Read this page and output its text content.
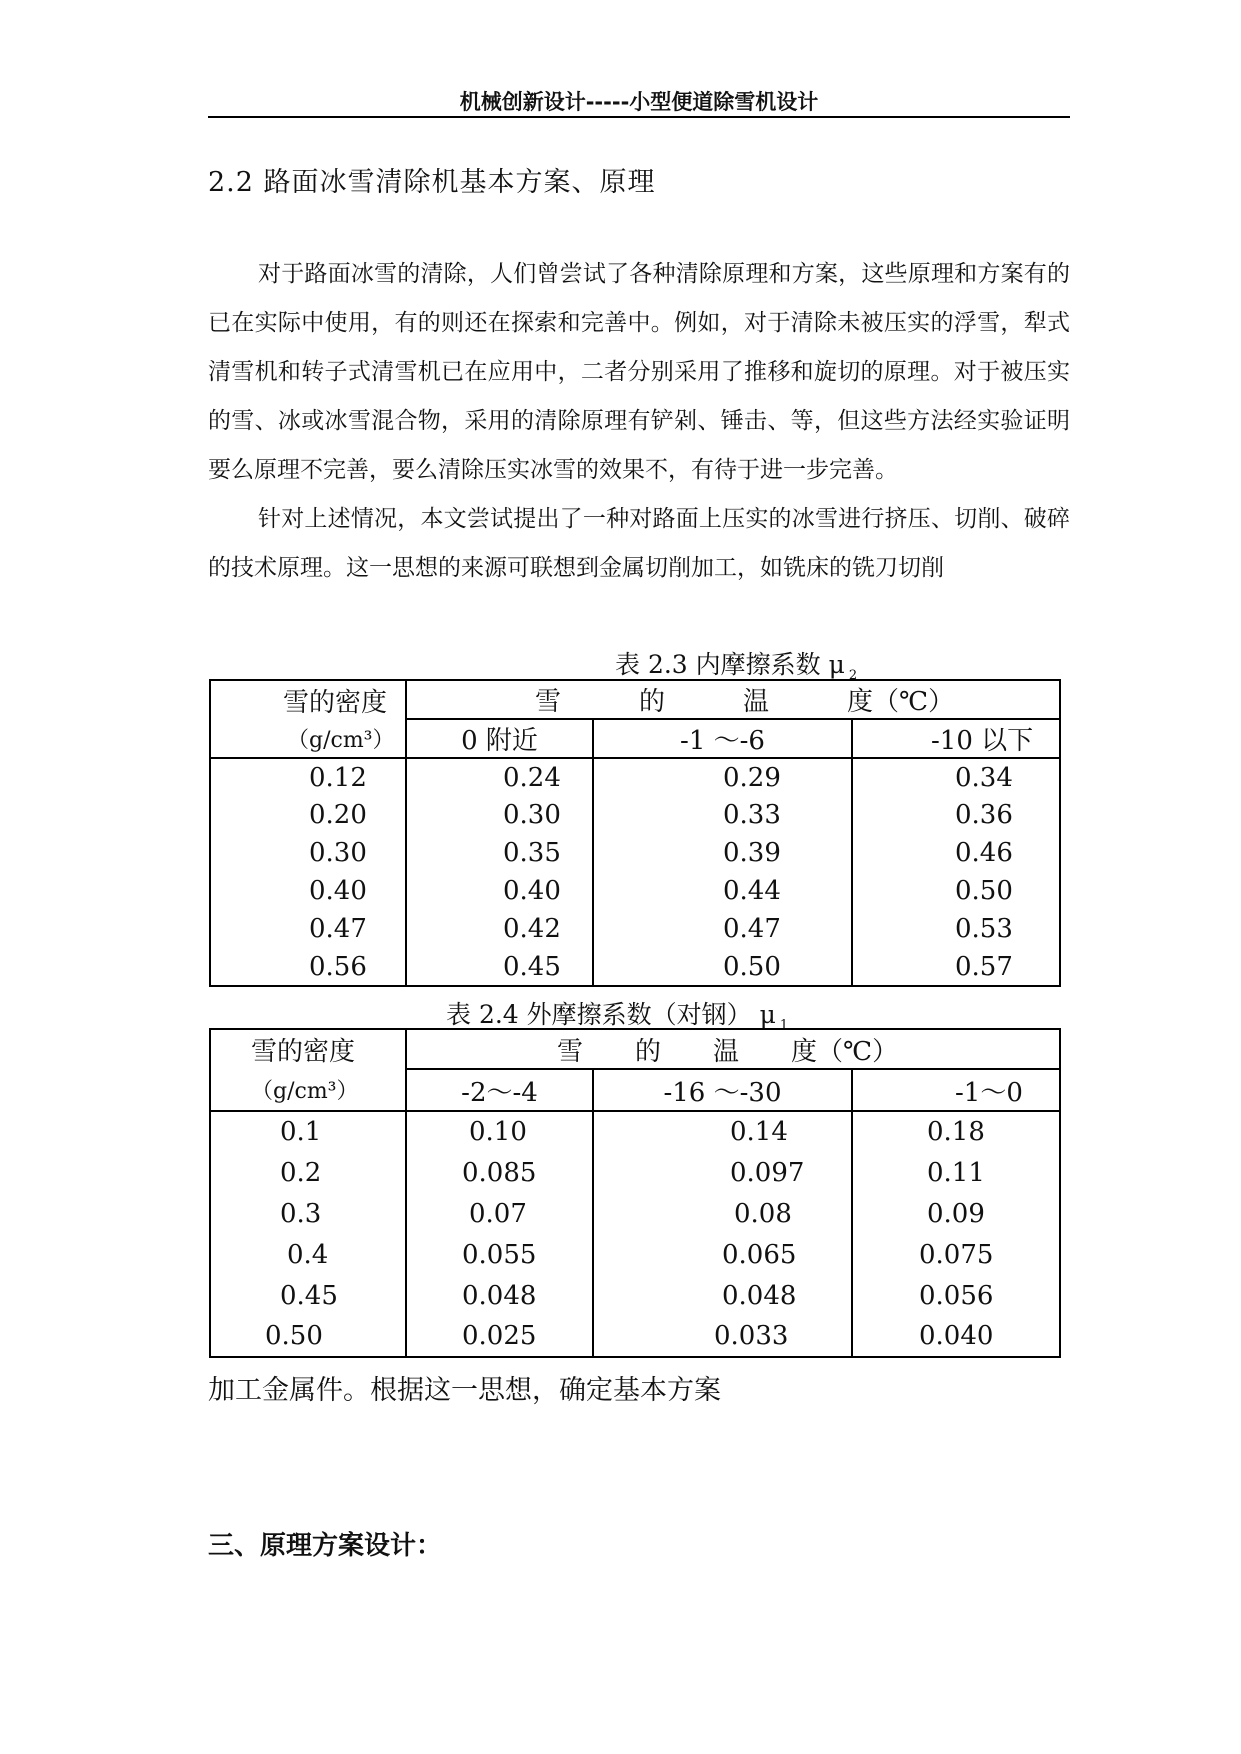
机械创新设计-----小型便道除雪机设计
2.2 路面冰雪清除机基本方案、原理

对于路面冰雪的清除，人们曾尝试了各种清除原理和方案，这些原理和方案有的已在实际中使用，有的则还在探索和完善中。例如，对于清除未被压实的浮雪，犁式清雪机和转子式清雪机已在应用中，二者分别采用了推移和旋切的原理。对于被压实的雪、冰或冰雪混合物，采用的清除原理有铲剁、锤击、等，但这些方法经实验证明要么原理不完善，要么清除压实冰雪的效果不，有待于进一步完善。

针对上述情况，本文尝试提出了一种对路面上压实的冰雪进行挤压、切削、破碎的技术原理。这一思想的来源可联想到金属切削加工，如铣床的铣刀切削

表 2.3 内摩擦系数 μ $_2$
雪的密度	雪　　　的　　　温　　　度（℃）		
（g/cm³）	0 附近	-1 ～-6	-10 以下
0.12	0.24	0.29	0.34
0.20	0.30	0.33	0.36
0.30	0.35	0.39	0.46
0.40	0.40	0.44	0.50
0.47	0.42	0.47	0.53
0.56	0.45	0.50	0.57
表 2.4 外摩擦系数（对钢） μ $_1$
雪的密度	雪　　的　　温　　度（℃）		
（g/cm³）	-2～-4	-16 ～-30	-1～0
0.1	0.10	0.14	0.18
0.2	0.085	0.097	0.11
0.3	0.07	0.08	0.09
0.4	0.055	0.065	0.075
0.45	0.048	0.048	0.056
0.50	0.025	0.033	0.040
加工金属件。根据这一思想，确定基本方案
三、原理方案设计：
